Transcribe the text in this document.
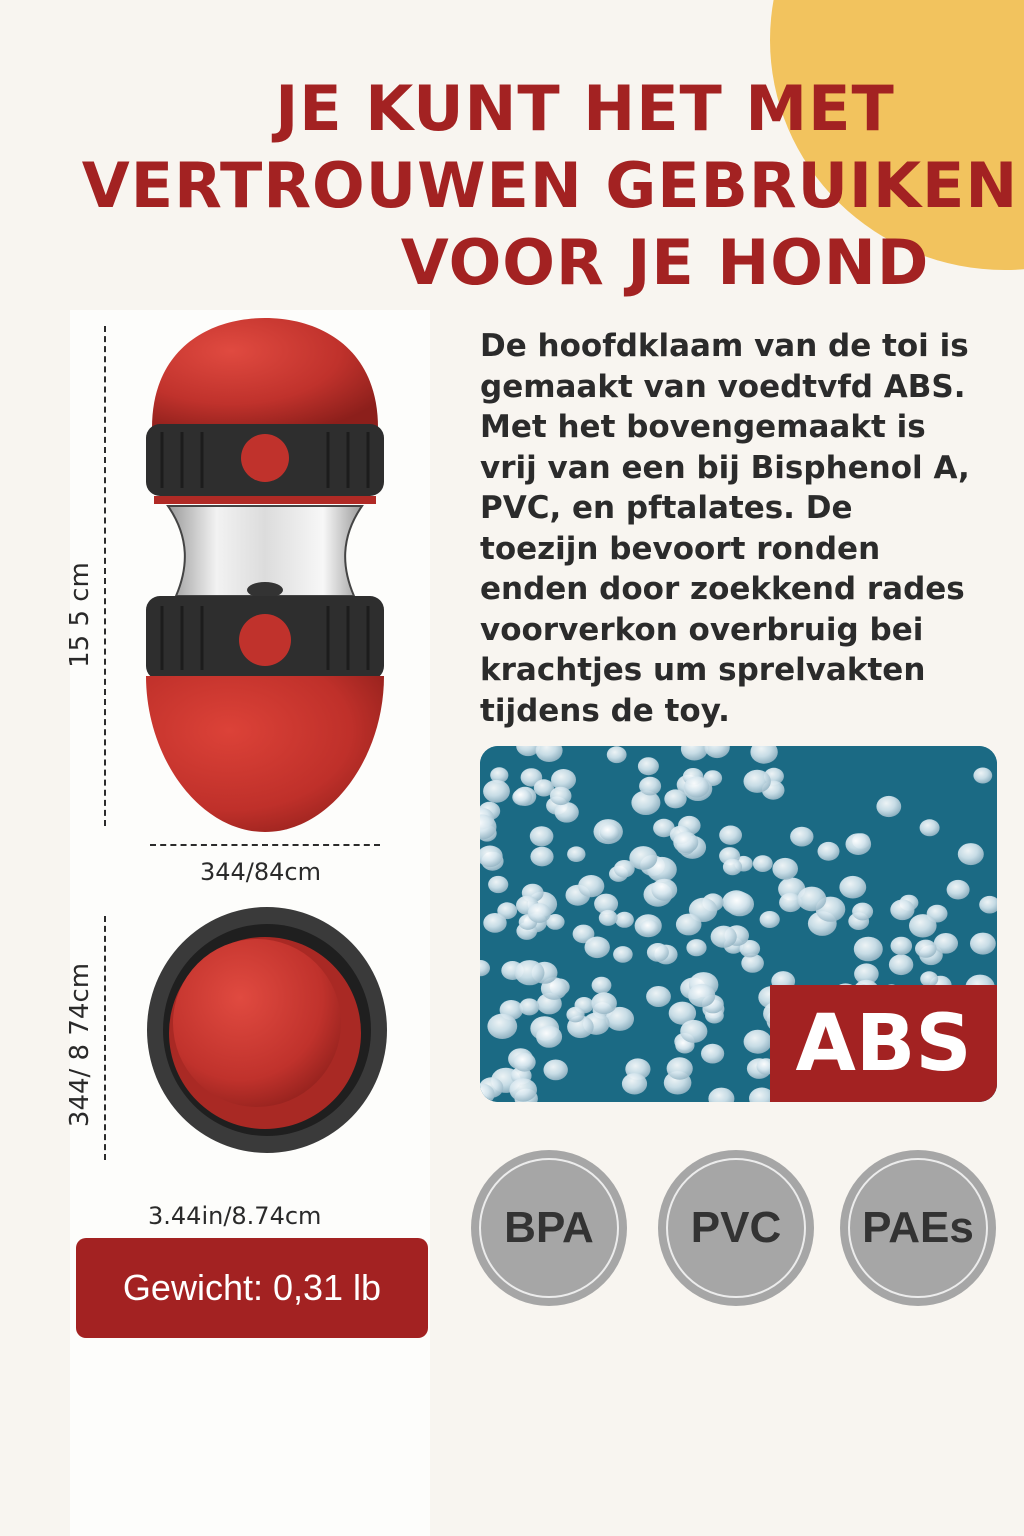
JE KUNT HET MET
VERTROUWEN GEBRUIKEN
VOOR JE HOND
15 5 cm
344/84cm
344/ 8 74cm
3.44in/8.74cm
Gewicht: 0,31 lb

De hoofdklaam van de toi is
gemaakt van voedtvfd ABS.
Met het bovengemaakt is
vrij van een bij Bisphenol A,
PVC, en pftalates. De
toezijn bevoort ronden
enden door zoekkend rades
voorverkon overbruig bei
krachtjes um sprelvakten
tijdens de toy.

ABS
BPA	PVC	PAEs
